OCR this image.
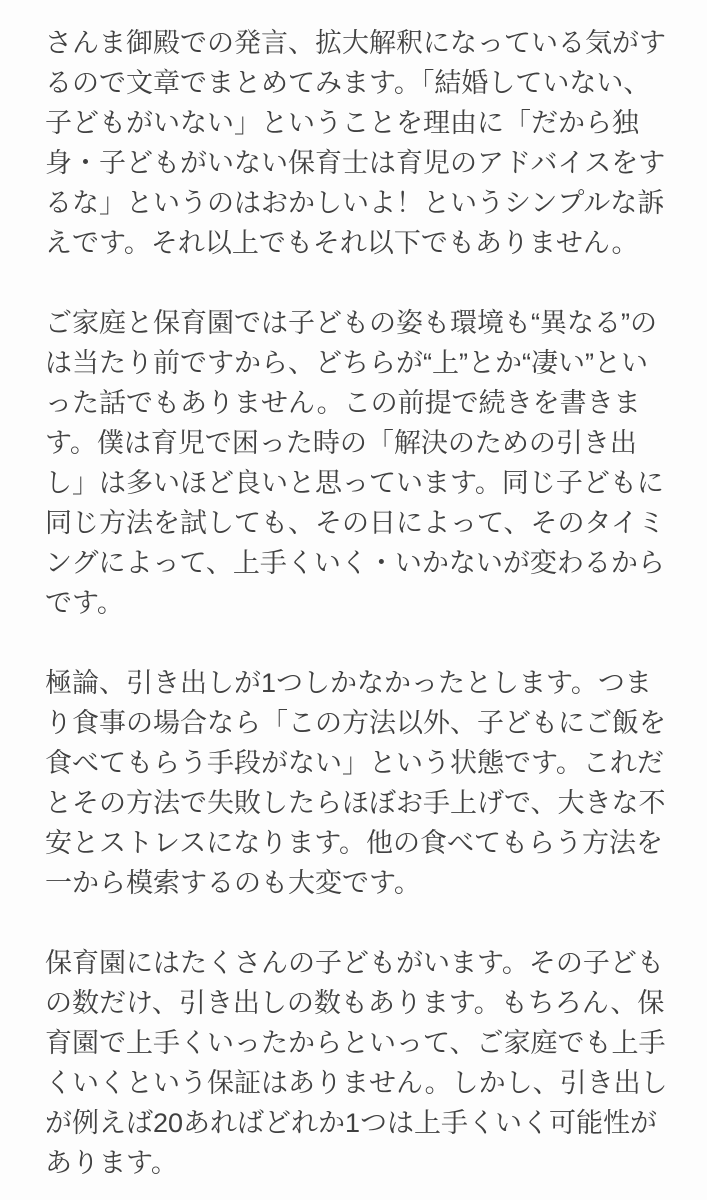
さんま御殿での発言、拡大解釈になっている気がす
るので文章でまとめてみます。「結婚していない、
子どもがいない」ということを理由に「だから独
身・子どもがいない保育士は育児のアドバイスをす
るな」というのはおかしいよ！というシンプルな訴
えです。それ以上でもそれ以下でもありません。

ご家庭と保育園では子どもの姿も環境も“異なる”の
は当たり前ですから、どちらが“上”とか“凄い”とい
った話でもありません。この前提で続きを書きま
す。僕は育児で困った時の「解決のための引き出
し」は多いほど良いと思っています。同じ子どもに
同じ方法を試しても、その日によって、そのタイミ
ングによって、上手くいく・いかないが変わるから
です。

極論、引き出しが1つしかなかったとします。つま
り食事の場合なら「この方法以外、子どもにご飯を
食べてもらう手段がない」という状態です。これだ
とその方法で失敗したらほぼお手上げで、大きな不
安とストレスになります。他の食べてもらう方法を
一から模索するのも大変です。

保育園にはたくさんの子どもがいます。その子ども
の数だけ、引き出しの数もあります。もちろん、保
育園で上手くいったからといって、ご家庭でも上手
くいくという保証はありません。しかし、引き出し
が例えば20あればどれか1つは上手くいく可能性が
あります。
